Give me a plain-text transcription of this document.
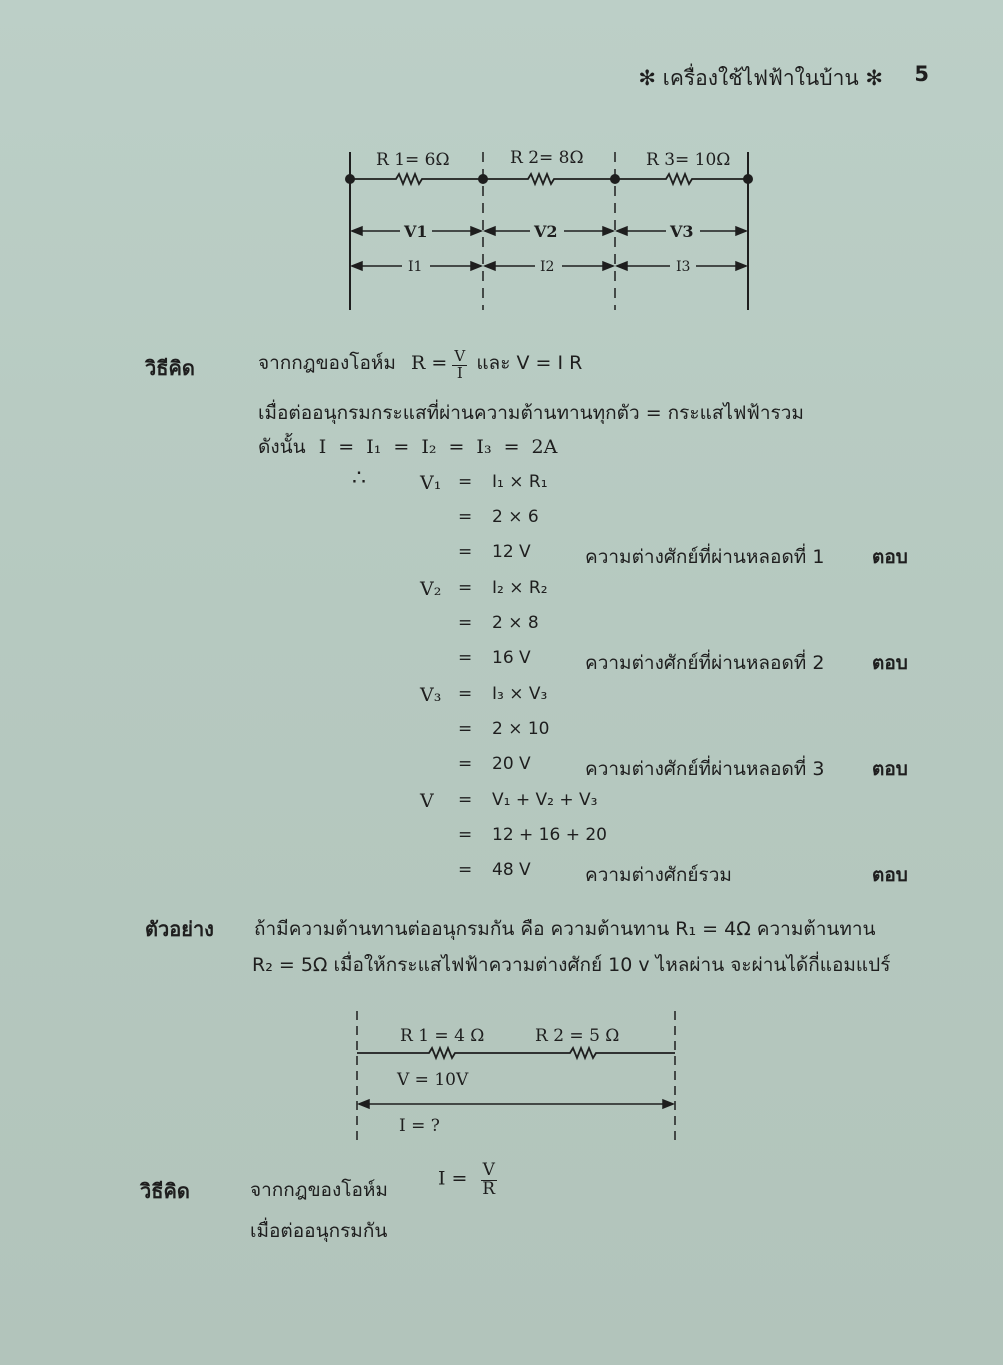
✻ เครื่องใช้ไฟฟ้าในบ้าน ✻ 5
R 1= 6Ω	R 2= 8Ω	R 3= 10Ω
V1	V2	V3
I1	I2	I3
วิธีคิด	จากกฎของโอห์ม $R = \frac{V}{I}$ และ V = I R
เมื่อต่ออนุกรมกระแสที่ผ่านความต้านทานทุกตัว = กระแสไฟฟ้ารวม
ดังนั้น I = I₁ = I₂ = I₃ = 2A
∴	V₁ = I₁ × R₁
= 2 × 6
= 12 V	ความต่างศักย์ที่ผ่านหลอดที่ 1	ตอบ
V₂ = I₂ × R₂
= 2 × 8
= 16 V	ความต่างศักย์ที่ผ่านหลอดที่ 2	ตอบ
V₃ = I₃ × V₃
= 2 × 10
= 20 V	ความต่างศักย์ที่ผ่านหลอดที่ 3	ตอบ
V = V₁ + V₂ + V₃
= 12 + 16 + 20
= 48 V	ความต่างศักย์รวม	ตอบ
ตัวอย่าง ถ้ามีความต้านทานต่ออนุกรมกัน คือ ความต้านทาน R₁ = 4Ω ความต้านทาน
R₂ = 5Ω เมื่อให้กระแสไฟฟ้าความต่างศักย์ 10 v ไหลผ่าน จะผ่านได้กี่แอมแปร์
R 1 = 4 Ω	R 2 = 5 Ω
V = 10V
I = ?
วิธีคิด	จากกฎของโอห์ม
$I = \frac{V}{R}$
เมื่อต่ออนุกรมกัน
